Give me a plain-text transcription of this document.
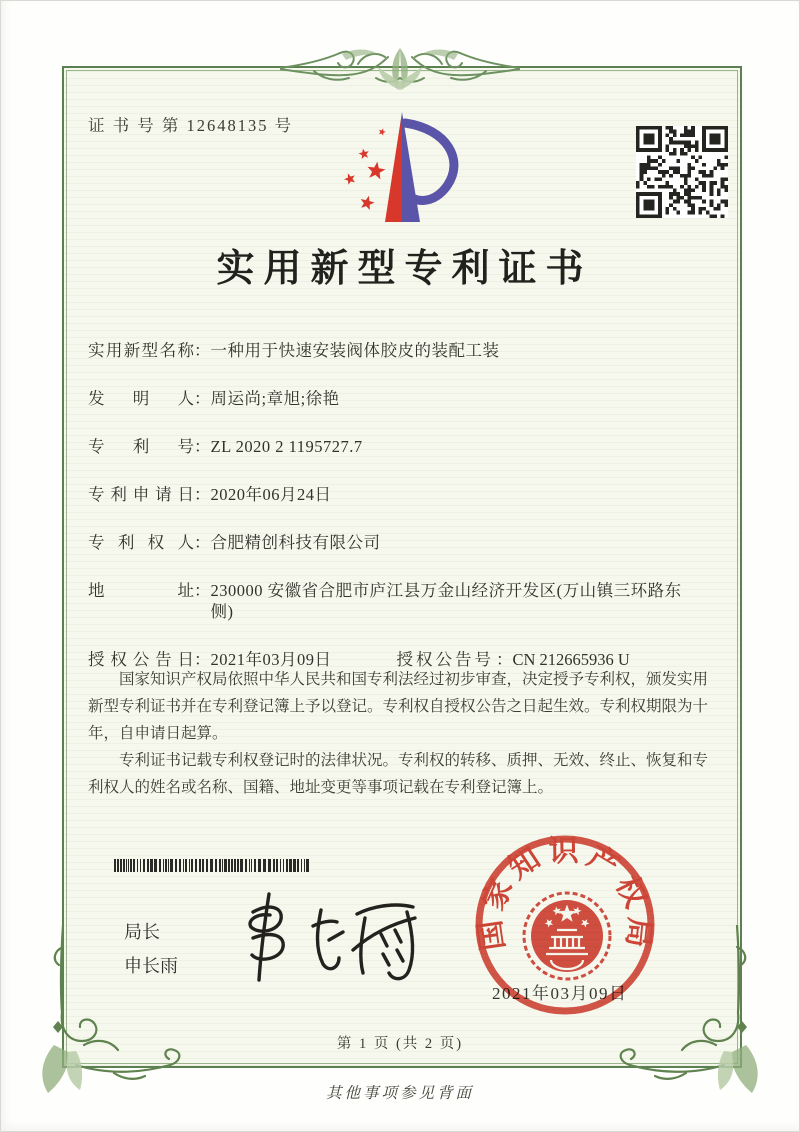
证 书 号 第 12648135 号
实用新型专利证书
实 用 新 型 名 称 ： 一种用于快速安装阀体胶皮的装配工装
发 明 人 ： 周运尚;章旭;徐艳
专 利 号 ： ZL 2020 2 1195727.7
专 利 申 请 日 ： 2020年06月24日
专 利 权 人 ： 合肥精创科技有限公司
地	址 ： 230000 安徽省合肥市庐江县万金山经济开发区(万山镇三环路东侧)
授 权 公 告 日 ： 2021年03月09日	授权公告号 ： CN 212665936 U

国家知识产权局依照中华人民共和国专利法经过初步审查，决定授予专利权，颁发实用新型专利证书并在专利登记簿上予以登记。专利权自授权公告之日起生效。专利权期限为十年，自申请日起算。

专利证书记载专利权登记时的法律状况。专利权的转移、质押、无效、终止、恢复和专利权人的姓名或名称、国籍、地址变更等事项记载在专利登记簿上。

局长
申长雨
2021年03月09日
国家知识产权局
第 1 页 (共 2 页)
其他事项参见背面
